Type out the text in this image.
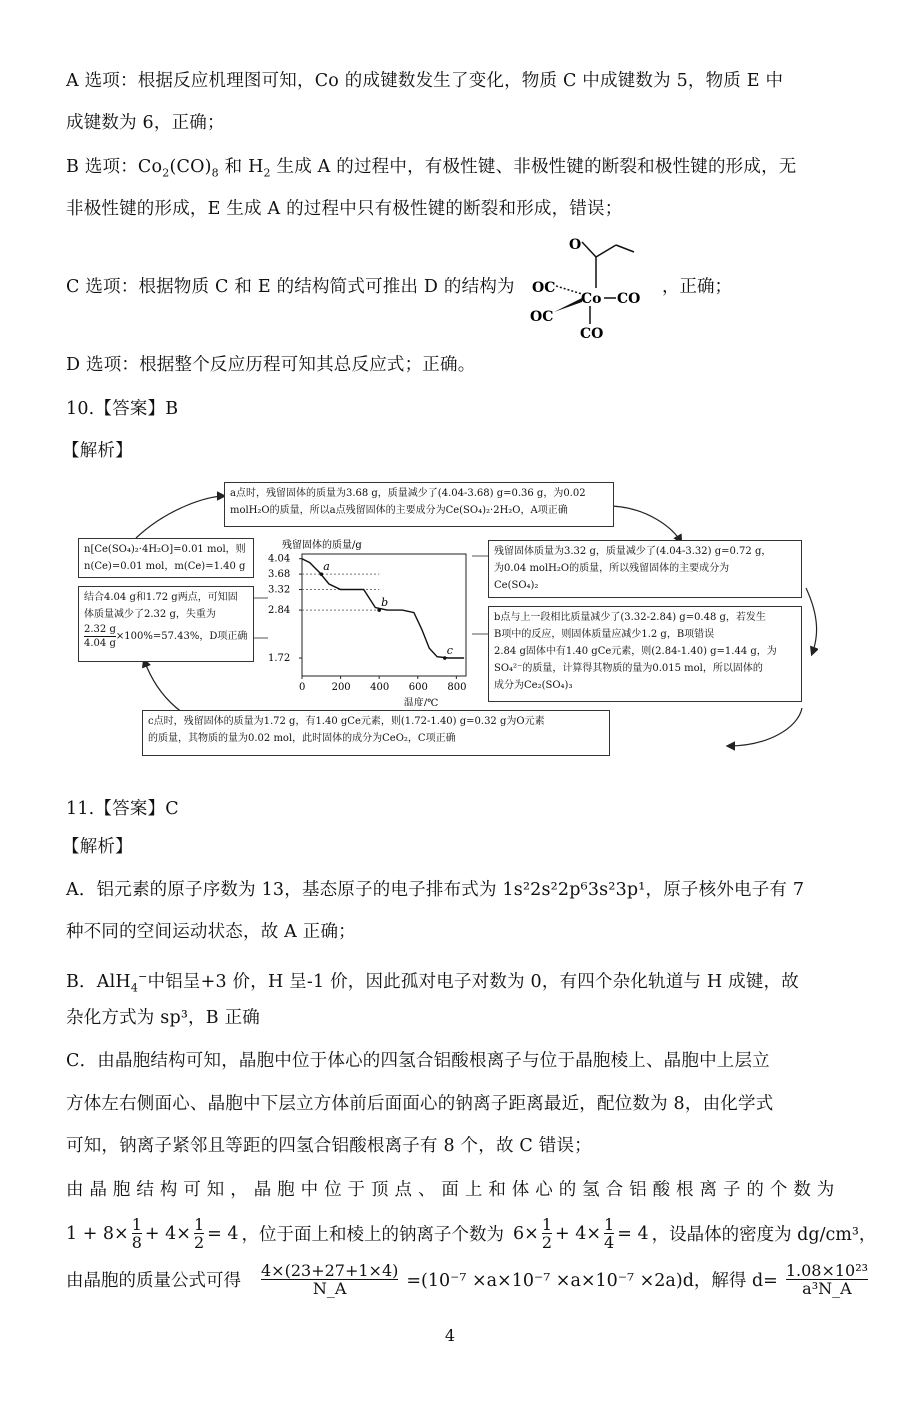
A 选项：根据反应机理图可知，Co 的成键数发生了变化，物质 C 中成键数为 5，物质 E 中
成键数为 6，正确；
B 选项：$Co_2(CO)_8$ 和 $H_2$ 生成 A 的过程中，有极性键、非极性键的断裂和极性键的形成，无
非极性键的形成，E 生成 A 的过程中只有极性键的断裂和形成，错误；
C 选项：根据物质 C 和 E 的结构简式可推出 D 的结构为
O
OC
Co CO
OC
CO
，正确；
D 选项：根据整个反应历程可知其总反应式；正确。
10.【答案】B
【解析】
a点时，残留固体的质量为3.68 g，质量减少了(4.04-3.68) g=0.36 g，为0.02
molH₂O的质量，所以a点残留固体的主要成分为Ce(SO₄)₂·2H₂O，A项正确
n[Ce(SO₄)₂·4H₂O]=0.01 mol，则
n(Ce)=0.01 mol，m(Ce)=1.40 g
结合4.04 g和1.72 g两点，可知固
体质量减少了2.32 g，失重为
$\frac{2.32 g}{4.04 g} \times 100\%=57.43\%$，D项正确
残留固体的质量/g
4.04
3.68
3.32
2.84
1.72
0	200 400 600 800
温度/℃
a
b
c
残留固体质量为3.32 g，质量减少了(4.04-3.32) g=0.72 g，
为0.04 molH₂O的质量，所以残留固体的主要成分为
Ce(SO₄)₂
b点与上一段相比质量减少了(3.32-2.84) g=0.48 g，若发生
B项中的反应，则固体质量应减少1.2 g，B项错误
2.84 g固体中有1.40 gCe元素，则(2.84-1.40) g=1.44 g，为
SO₄²⁻的质量，计算得其物质的量为0.015 mol，所以固体的
成分为Ce₂(SO₄)₃
c点时，残留固体的质量为1.72 g，有1.40 gCe元素，则(1.72-1.40) g=0.32 g为O元素
的质量，其物质的量为0.02 mol，此时固体的成分为CeO₂，C项正确
11.【答案】C
【解析】
A．铝元素的原子序数为 13，基态原子的电子排布式为 1s²2s²2p⁶3s²3p¹，原子核外电子有 7
种不同的空间运动状态，故 A 正确；
B．AlH$_4$−中铝呈+3 价，H 呈-1 价，因此孤对电子对数为 0，有四个杂化轨道与 H 成键，故
杂化方式为 sp³，B 正确
C．由晶胞结构可知，晶胞中位于体心的四氢合铝酸根离子与位于晶胞棱上、晶胞中上层立
方体左右侧面心、晶胞中下层立方体前后面面心的钠离子距离最近，配位数为 8，由化学式
可知，钠离子紧邻且等距的四氢合铝酸根离子有 8 个，故 C 错误；
由 晶 胞 结 构 可 知 ， 晶 胞 中 位 于 顶 点 、 面 上 和 体 心 的 氢 合 铝 酸 根 离 子 的 个 数 为
$1 + 8\times \frac{1}{8} + 4\times \frac{1}{2} = 4$ ，位于面上和棱上的钠离子个数为 $6\times \frac{1}{2} + 4\times \frac{1}{4} = 4$ ，设晶体的密度为 dg/cm³，
由晶胞的质量公式可得 $\frac{4\times(23+27+1\times 4)}{N\_A} =(10^{-7} \times a\times 10^{-7} \times a\times 10^{-7} \times 2a)d$，解得 $d= \frac{\text{1.08×10²³}}{\text{a³N\_A}}$
4
